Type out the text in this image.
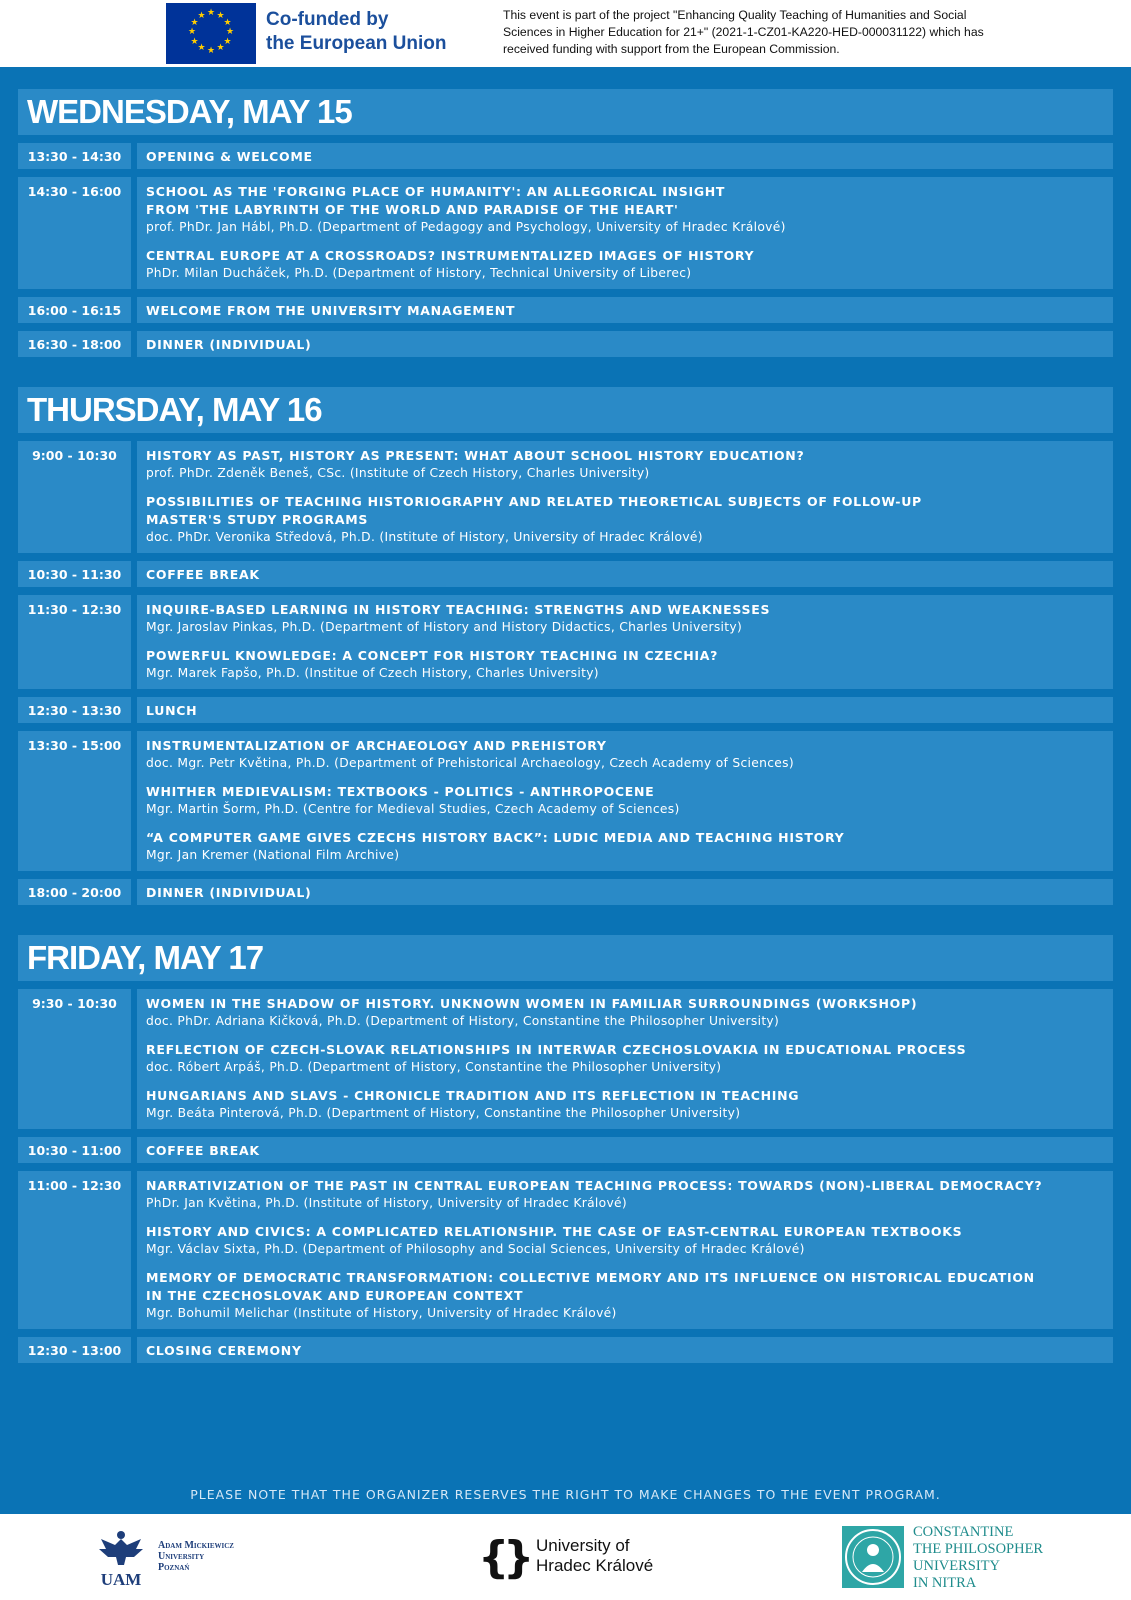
★ ★
★
★
★
★
★
★
★
★
★
★	Co-funded by
the European Union
This event is part of the project "Enhancing Quality Teaching of Humanities and Social Sciences in Higher Education for 21+" (2021-1-CZ01-KA220-HED-000031122) which has received funding with support from the European Commission.
WEDNESDAY, MAY 15
13:30 - 14:30	OPENING & WELCOME
14:30 - 16:00	SCHOOL AS THE 'FORGING PLACE OF HUMANITY': AN ALLEGORICAL INSIGHT
FROM 'THE LABYRINTH OF THE WORLD AND PARADISE OF THE HEART'
prof. PhDr. Jan Hábl, Ph.D. (Department of Pedagogy and Psychology, University of Hradec Králové)
CENTRAL EUROPE AT A CROSSROADS? INSTRUMENTALIZED IMAGES OF HISTORY
PhDr. Milan Ducháček, Ph.D. (Department of History, Technical University of Liberec)
16:00 - 16:15	WELCOME FROM THE UNIVERSITY MANAGEMENT
16:30 - 18:00	DINNER (INDIVIDUAL)
THURSDAY, MAY 16
9:00 - 10:30	HISTORY AS PAST, HISTORY AS PRESENT: WHAT ABOUT SCHOOL HISTORY EDUCATION?
prof. PhDr. Zdeněk Beneš, CSc. (Institute of Czech History, Charles University)
POSSIBILITIES OF TEACHING HISTORIOGRAPHY AND RELATED THEORETICAL SUBJECTS OF FOLLOW-UP
MASTER'S STUDY PROGRAMS
doc. PhDr. Veronika Středová, Ph.D. (Institute of History, University of Hradec Králové)
10:30 - 11:30	COFFEE BREAK
11:30 - 12:30	INQUIRE-BASED LEARNING IN HISTORY TEACHING: STRENGTHS AND WEAKNESSES
Mgr. Jaroslav Pinkas, Ph.D. (Department of History and History Didactics, Charles University)
POWERFUL KNOWLEDGE: A CONCEPT FOR HISTORY TEACHING IN CZECHIA?
Mgr. Marek Fapšo, Ph.D. (Institue of Czech History, Charles University)
12:30 - 13:30	LUNCH
13:30 - 15:00	INSTRUMENTALIZATION OF ARCHAEOLOGY AND PREHISTORY
doc. Mgr. Petr Květina, Ph.D. (Department of Prehistorical Archaeology, Czech Academy of Sciences)
WHITHER MEDIEVALISM: TEXTBOOKS - POLITICS - ANTHROPOCENE
Mgr. Martin Šorm, Ph.D. (Centre for Medieval Studies, Czech Academy of Sciences)
“A COMPUTER GAME GIVES CZECHS HISTORY BACK”: LUDIC MEDIA AND TEACHING HISTORY
Mgr. Jan Kremer (National Film Archive)
18:00 - 20:00	DINNER (INDIVIDUAL)
FRIDAY, MAY 17
9:30 - 10:30	WOMEN IN THE SHADOW OF HISTORY. UNKNOWN WOMEN IN FAMILIAR SURROUNDINGS (WORKSHOP)
doc. PhDr. Adriana Kičková, Ph.D. (Department of History, Constantine the Philosopher University)
REFLECTION OF CZECH-SLOVAK RELATIONSHIPS IN INTERWAR CZECHOSLOVAKIA IN EDUCATIONAL PROCESS
doc. Róbert Arpáš, Ph.D. (Department of History, Constantine the Philosopher University)
HUNGARIANS AND SLAVS - CHRONICLE TRADITION AND ITS REFLECTION IN TEACHING
Mgr. Beáta Pinterová, Ph.D. (Department of History, Constantine the Philosopher University)
10:30 - 11:00	COFFEE BREAK
11:00 - 12:30	NARRATIVIZATION OF THE PAST IN CENTRAL EUROPEAN TEACHING PROCESS: TOWARDS (NON)-LIBERAL DEMOCRACY?
PhDr. Jan Květina, Ph.D. (Institute of History, University of Hradec Králové)
HISTORY AND CIVICS: A COMPLICATED RELATIONSHIP. THE CASE OF EAST-CENTRAL EUROPEAN TEXTBOOKS
Mgr. Václav Sixta, Ph.D. (Department of Philosophy and Social Sciences, University of Hradec Králové)
MEMORY OF DEMOCRATIC TRANSFORMATION: COLLECTIVE MEMORY AND ITS INFLUENCE ON HISTORICAL EDUCATION
IN THE CZECHOSLOVAK AND EUROPEAN CONTEXT
Mgr. Bohumil Melichar (Institute of History, University of Hradec Králové)
12:30 - 13:00	CLOSING CEREMONY
PLEASE NOTE THAT THE ORGANIZER RESERVES THE RIGHT TO MAKE CHANGES TO THE EVENT PROGRAM.
UAM
Adam Mickiewicz
University
Poznań	{
} University of
Hradec Králové
CONSTANTINE
THE PHILOSOPHER
UNIVERSITY
IN NITRA
